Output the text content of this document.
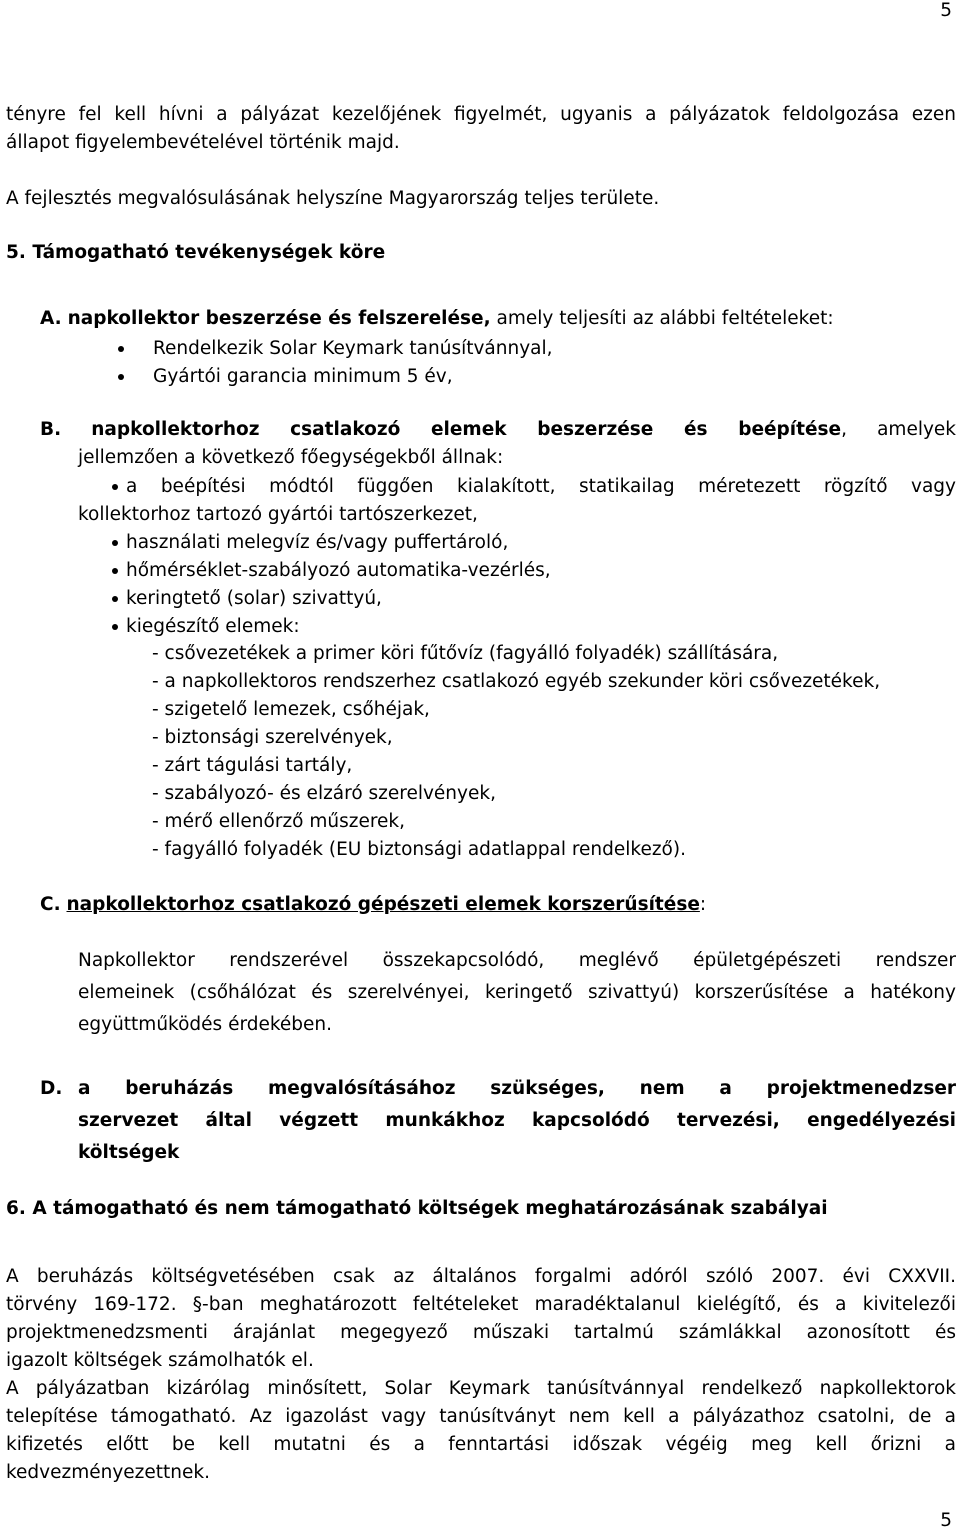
5
5
tényre fel kell hívni a pályázat kezelőjének figyelmét, ugyanis a pályázatok feldolgozása ezen
állapot figyelembevételével történik majd.
A fejlesztés megvalósulásának helyszíne Magyarország teljes területe.
5. Támogatható tevékenységek köre
A. napkollektor beszerzése és felszerelése, amely teljesíti az alábbi feltételeket:
Rendelkezik Solar Keymark tanúsítvánnyal,
Gyártói garancia minimum 5 év,
B. napkollektorhoz csatlakozó elemek beszerzése és beépítése, amelyek
jellemzően a következő főegységekből állnak:
a beépítési módtól függően kialakított, statikailag méretezett rögzítő vagy
kollektorhoz tartozó gyártói tartószerkezet,
használati melegvíz és/vagy puffertároló,
hőmérséklet-szabályozó automatika-vezérlés,
keringtető (solar) szivattyú,
kiegészítő elemek:
- csővezetékek a primer köri fűtővíz (fagyálló folyadék) szállítására,
- a napkollektoros rendszerhez csatlakozó egyéb szekunder köri csővezetékek,
- szigetelő lemezek, csőhéjak,
- biztonsági szerelvények,
- zárt tágulási tartály,
- szabályozó- és elzáró szerelvények,
- mérő ellenőrző műszerek,
- fagyálló folyadék (EU biztonsági adatlappal rendelkező).
C. napkollektorhoz csatlakozó gépészeti elemek korszerűsítése:
Napkollektor rendszerével összekapcsolódó, meglévő épületgépészeti rendszer
elemeinek (csőhálózat és szerelvényei, keringető szivattyú) korszerűsítése a hatékony
együttműködés érdekében.
D. a beruházás megvalósításához szükséges, nem a projektmenedzser
szervezet által végzett munkákhoz kapcsolódó tervezési, engedélyezési
költségek
6. A támogatható és nem támogatható költségek meghatározásának szabályai
A beruházás költségvetésében csak az általános forgalmi adóról szóló 2007. évi CXXVII.
törvény 169-172. §-ban meghatározott feltételeket maradéktalanul kielégítő, és a kivitelezői
projektmenedzsmenti árajánlat megegyező műszaki tartalmú számlákkal azonosított és
igazolt költségek számolhatók el.
A pályázatban kizárólag minősített, Solar Keymark tanúsítvánnyal rendelkező napkollektorok
telepítése támogatható. Az igazolást vagy tanúsítványt nem kell a pályázathoz csatolni, de a
kifizetés előtt be kell mutatni és a fenntartási időszak végéig meg kell őrizni a
kedvezményezettnek.
